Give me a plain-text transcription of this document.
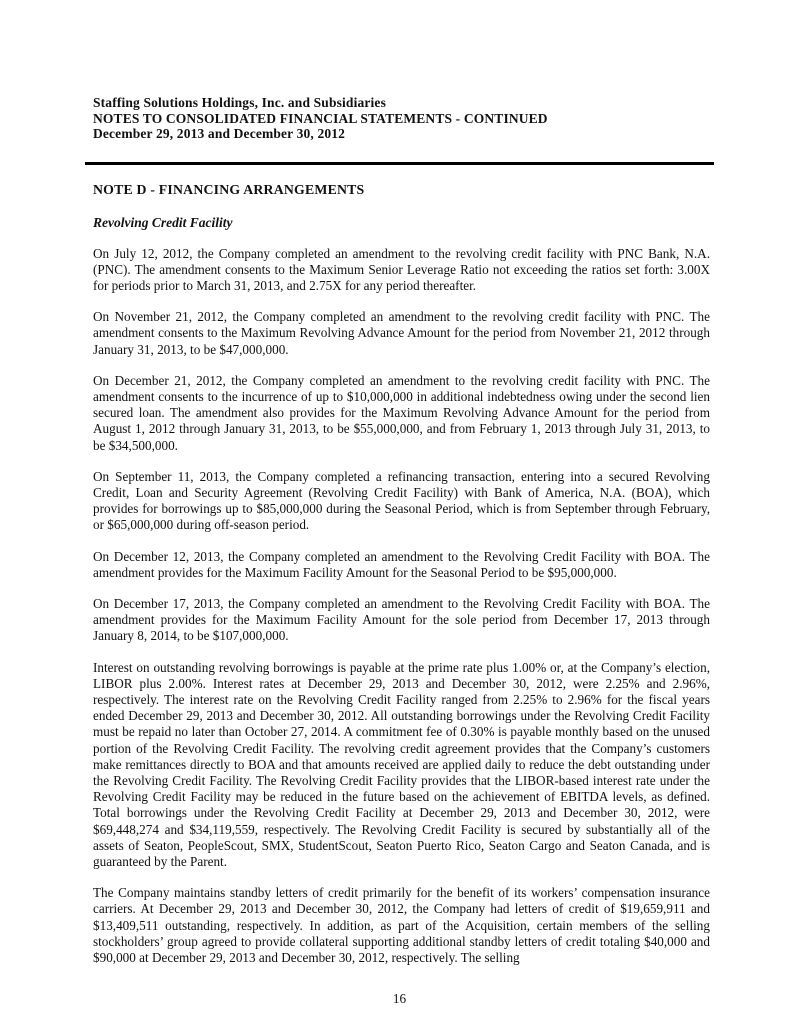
Staffing Solutions Holdings, Inc. and Subsidiaries
NOTES TO CONSOLIDATED FINANCIAL STATEMENTS - CONTINUED
December 29, 2013 and December 30, 2012
NOTE D - FINANCING ARRANGEMENTS
Revolving Credit Facility

On July 12, 2012, the Company completed an amendment to the revolving credit facility with PNC Bank, N.A. (PNC). The amendment consents to the Maximum Senior Leverage Ratio not exceeding the ratios set forth: 3.00X for periods prior to March 31, 2013, and 2.75X for any period thereafter.

On November 21, 2012, the Company completed an amendment to the revolving credit facility with PNC. The amendment consents to the Maximum Revolving Advance Amount for the period from November 21, 2012 through January 31, 2013, to be $47,000,000.

On December 21, 2012, the Company completed an amendment to the revolving credit facility with PNC. The amendment consents to the incurrence of up to $10,000,000 in additional indebtedness owing under the second lien secured loan. The amendment also provides for the Maximum Revolving Advance Amount for the period from August 1, 2012 through January 31, 2013, to be $55,000,000, and from February 1, 2013 through July 31, 2013, to be $34,500,000.

On September 11, 2013, the Company completed a refinancing transaction, entering into a secured Revolving Credit, Loan and Security Agreement (Revolving Credit Facility) with Bank of America, N.A. (BOA), which provides for borrowings up to $85,000,000 during the Seasonal Period, which is from September through February, or $65,000,000 during off-season period.

On December 12, 2013, the Company completed an amendment to the Revolving Credit Facility with BOA. The amendment provides for the Maximum Facility Amount for the Seasonal Period to be $95,000,000.

On December 17, 2013, the Company completed an amendment to the Revolving Credit Facility with BOA. The amendment provides for the Maximum Facility Amount for the sole period from December 17, 2013 through January 8, 2014, to be $107,000,000.

Interest on outstanding revolving borrowings is payable at the prime rate plus 1.00% or, at the Company’s election, LIBOR plus 2.00%. Interest rates at December 29, 2013 and December 30, 2012, were 2.25% and 2.96%, respectively. The interest rate on the Revolving Credit Facility ranged from 2.25% to 2.96% for the fiscal years ended December 29, 2013 and December 30, 2012. All outstanding borrowings under the Revolving Credit Facility must be repaid no later than October 27, 2014. A commitment fee of 0.30% is payable monthly based on the unused portion of the Revolving Credit Facility. The revolving credit agreement provides that the Company’s customers make remittances directly to BOA and that amounts received are applied daily to reduce the debt outstanding under the Revolving Credit Facility. The Revolving Credit Facility provides that the LIBOR-based interest rate under the Revolving Credit Facility may be reduced in the future based on the achievement of EBITDA levels, as defined. Total borrowings under the Revolving Credit Facility at December 29, 2013 and December 30, 2012, were $69,448,274 and $34,119,559, respectively. The Revolving Credit Facility is secured by substantially all of the assets of Seaton, PeopleScout, SMX, StudentScout, Seaton Puerto Rico, Seaton Cargo and Seaton Canada, and is guaranteed by the Parent.

The Company maintains standby letters of credit primarily for the benefit of its workers’ compensation insurance carriers. At December 29, 2013 and December 30, 2012, the Company had letters of credit of $19,659,911 and $13,409,511 outstanding, respectively. In addition, as part of the Acquisition, certain members of the selling stockholders’ group agreed to provide collateral supporting additional standby letters of credit totaling $40,000 and $90,000 at December 29, 2013 and December 30, 2012, respectively. The selling

16
